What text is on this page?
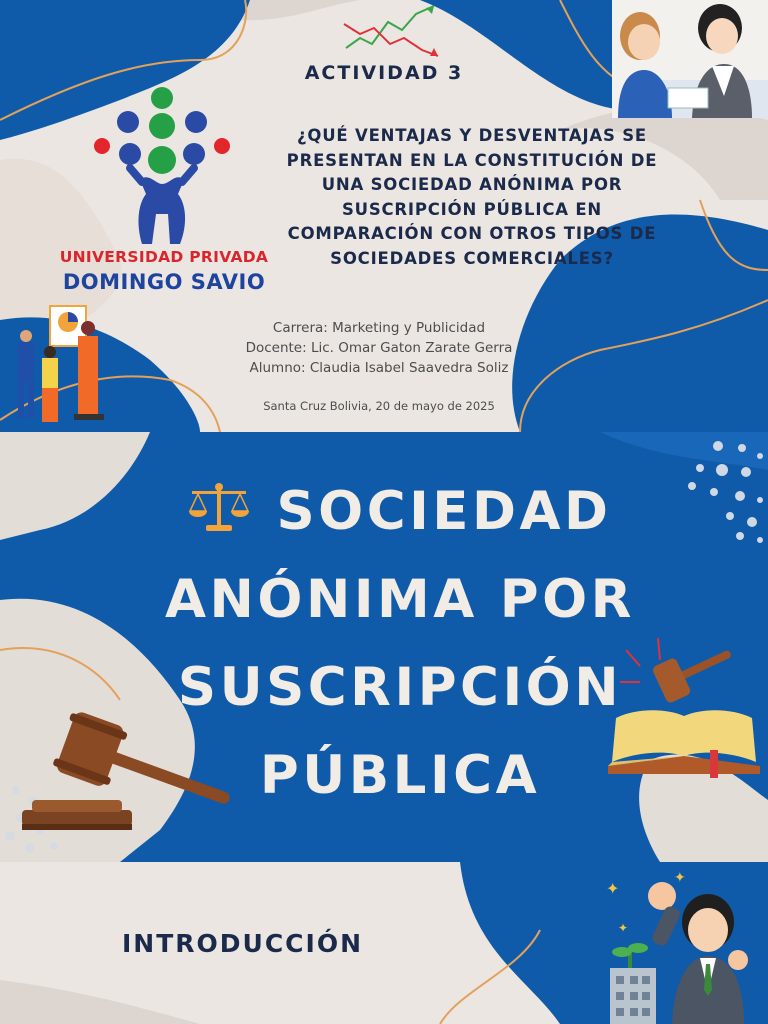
UNIVERSIDAD PRIVADA
DOMINGO SAVIO
ACTIVIDAD 3
¿QUÉ VENTAJAS Y DESVENTAJAS SE
PRESENTAN EN LA CONSTITUCIÓN DE
UNA SOCIEDAD ANÓNIMA POR
SUSCRIPCIÓN PÚBLICA EN
COMPARACIÓN CON OTROS TIPOS DE
SOCIEDADES COMERCIALES?
Carrera: Marketing y Publicidad
Docente: Lic. Omar Gaton Zarate Gerra
Alumno: Claudia Isabel Saavedra Soliz
Santa Cruz Bolivia, 20 de mayo de 2025
SOCIEDAD
ANÓNIMA POR
SUSCRIPCIÓN
PÚBLICA
INTRODUCCIÓN
✦
✦
✦
